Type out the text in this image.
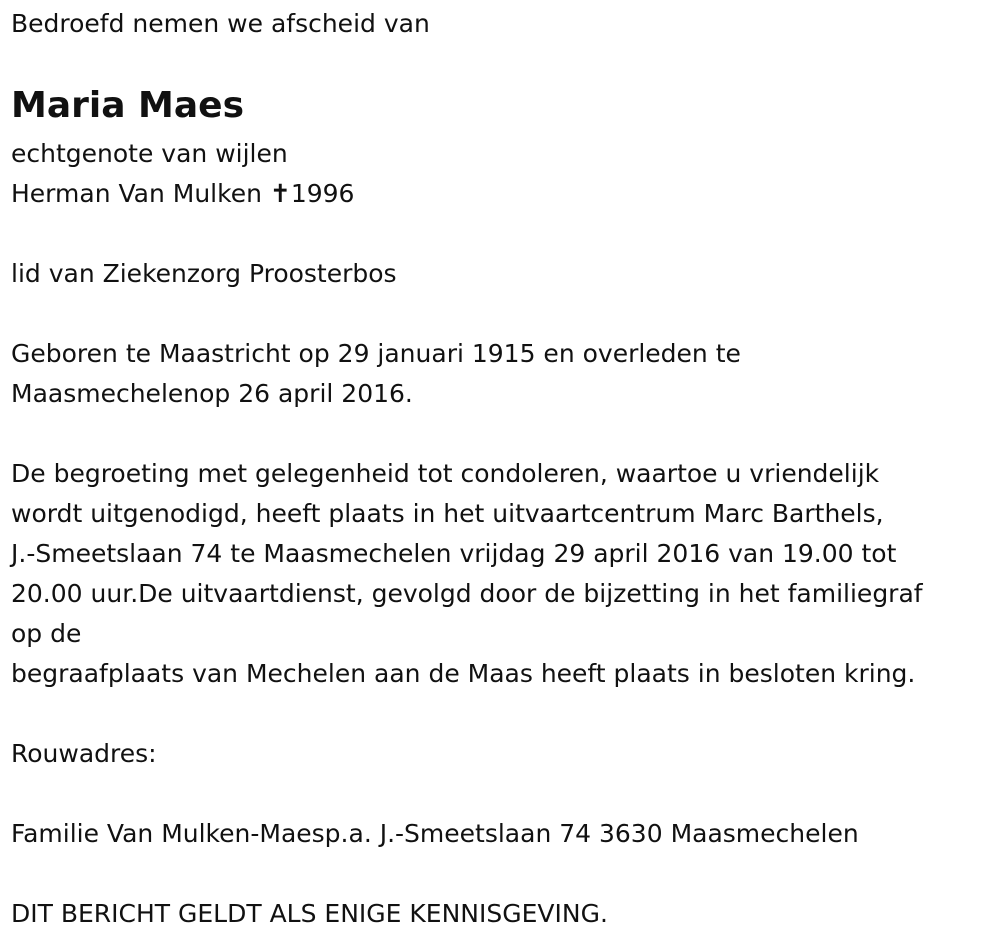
Bedroefd nemen we afscheid van

Maria Maes

echtgenote van wijlen

Herman Van Mulken ✝1996

lid van Ziekenzorg Proosterbos

Geboren te Maastricht op 29 januari 1915 en overleden te

Maasmechelenop 26 april 2016.

De begroeting met gelegenheid tot condoleren, waartoe u vriendelijk

wordt uitgenodigd, heeft plaats in het uitvaartcentrum Marc Barthels,

J.-Smeetslaan 74 te Maasmechelen vrijdag 29 april 2016 van 19.00 tot

20.00 uur.De uitvaartdienst, gevolgd door de bijzetting in het familiegraf

op de

begraafplaats van Mechelen aan de Maas heeft plaats in besloten kring.

Rouwadres:

Familie Van Mulken-Maesp.a. J.-Smeetslaan 74 3630 Maasmechelen

DIT BERICHT GELDT ALS ENIGE KENNISGEVING.
